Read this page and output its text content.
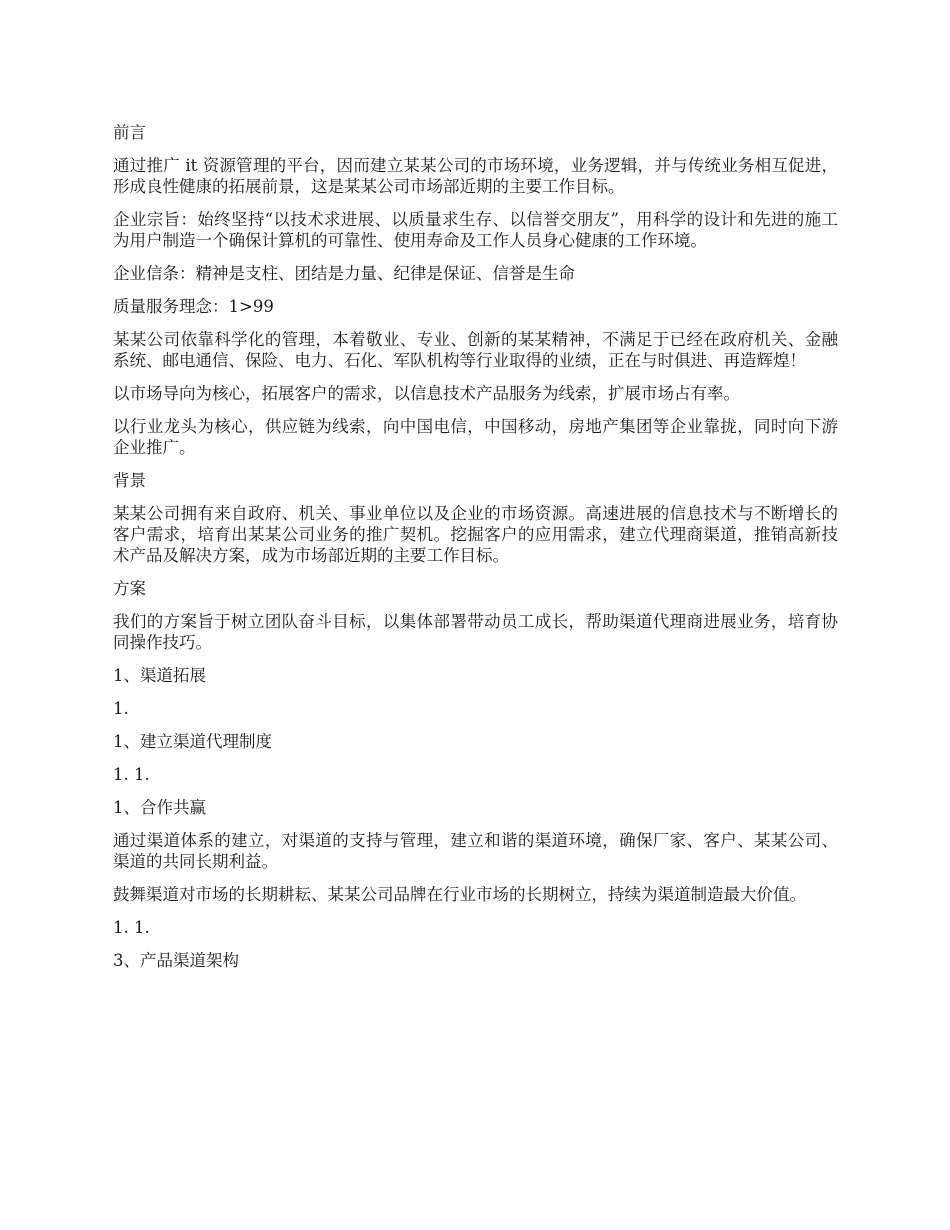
前言

通过推广 it 资源管理的平台，因而建立某某公司的市场环境，业务逻辑，并与传统业务相互促进，形成良性健康的拓展前景，这是某某公司市场部近期的主要工作目标。

企业宗旨：始终坚持“以技术求进展、以质量求生存、以信誉交朋友”，用科学的设计和先进的施工为用户制造一个确保计算机的可靠性、使用寿命及工作人员身心健康的工作环境。

企业信条：精神是支柱、团结是力量、纪律是保证、信誉是生命

质量服务理念：1>99

某某公司依靠科学化的管理，本着敬业、专业、创新的某某精神，不满足于已经在政府机关、金融系统、邮电通信、保险、电力、石化、军队机构等行业取得的业绩，正在与时俱进、再造辉煌！

以市场导向为核心，拓展客户的需求，以信息技术产品服务为线索，扩展市场占有率。

以行业龙头为核心，供应链为线索，向中国电信，中国移动，房地产集团等企业靠拢，同时向下游企业推广。

背景

某某公司拥有来自政府、机关、事业单位以及企业的市场资源。高速进展的信息技术与不断增长的客户需求，培育出某某公司业务的推广契机。挖掘客户的应用需求，建立代理商渠道，推销高新技术产品及解决方案，成为市场部近期的主要工作目标。

方案

我们的方案旨于树立团队奋斗目标，以集体部署带动员工成长，帮助渠道代理商进展业务，培育协同操作技巧。

1、渠道拓展

1.

1、建立渠道代理制度

1. 1.

1、合作共赢

通过渠道体系的建立，对渠道的支持与管理，建立和谐的渠道环境，确保厂家、客户、某某公司、渠道的共同长期利益。

鼓舞渠道对市场的长期耕耘、某某公司品牌在行业市场的长期树立，持续为渠道制造最大价值。

1. 1.

3、产品渠道架构
